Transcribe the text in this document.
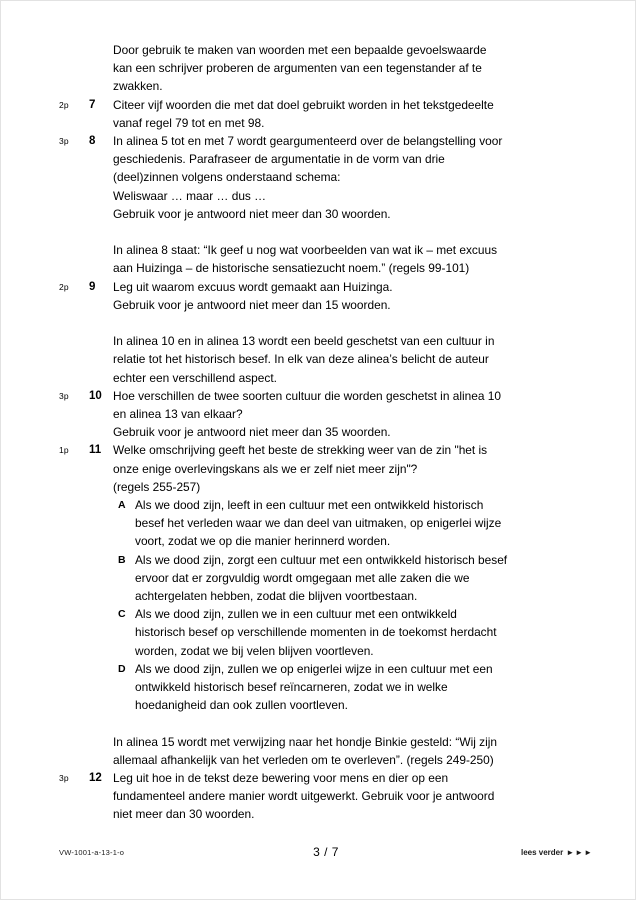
Door gebruik te maken van woorden met een bepaalde gevoelswaarde

kan een schrijver proberen de argumenten van een tegenstander af te

zwakken.

2p	7	Citeer vijf woorden die met dat doel gebruikt worden in het tekstgedeelte

vanaf regel 79 tot en met 98.

3p	8	In alinea 5 tot en met 7 wordt geargumenteerd over de belangstelling voor

geschiedenis. Parafraseer de argumentatie in de vorm van drie

(deel)zinnen volgens onderstaand schema:

Weliswaar … maar … dus …

Gebruik voor je antwoord niet meer dan 30 woorden.

In alinea 8 staat: “Ik geef u nog wat voorbeelden van wat ik – met excuus

aan Huizinga – de historische sensatiezucht noem.” (regels 99-101)

2p	9	Leg uit waarom excuus wordt gemaakt aan Huizinga.

Gebruik voor je antwoord niet meer dan 15 woorden.

In alinea 10 en in alinea 13 wordt een beeld geschetst van een cultuur in

relatie tot het historisch besef. In elk van deze alinea’s belicht de auteur

echter een verschillend aspect.

3p	10 Hoe verschillen de twee soorten cultuur die worden geschetst in alinea 10

en alinea 13 van elkaar?

Gebruik voor je antwoord niet meer dan 35 woorden.

1p	11 Welke omschrijving geeft het beste de strekking weer van de zin "het is

onze enige overlevingskans als we er zelf niet meer zijn"?

(regels 255-257)

A Als we dood zijn, leeft in een cultuur met een ontwikkeld historisch

besef het verleden waar we dan deel van uitmaken, op enigerlei wijze

voort, zodat we op die manier herinnerd worden.

B Als we dood zijn, zorgt een cultuur met een ontwikkeld historisch besef

ervoor dat er zorgvuldig wordt omgegaan met alle zaken die we

achtergelaten hebben, zodat die blijven voortbestaan.

C Als we dood zijn, zullen we in een cultuur met een ontwikkeld

historisch besef op verschillende momenten in de toekomst herdacht

worden, zodat we bij velen blijven voortleven.

D Als we dood zijn, zullen we op enigerlei wijze in een cultuur met een

ontwikkeld historisch besef reïncarneren, zodat we in welke

hoedanigheid dan ook zullen voortleven.

In alinea 15 wordt met verwijzing naar het hondje Binkie gesteld: “Wij zijn

allemaal afhankelijk van het verleden om te overleven”. (regels 249-250)

3p	12 Leg uit hoe in de tekst deze bewering voor mens en dier op een

fundamenteel andere manier wordt uitgewerkt. Gebruik voor je antwoord

niet meer dan 30 woorden.

VW-1001-a-13-1-o	3 / 7	lees verder ►►►
